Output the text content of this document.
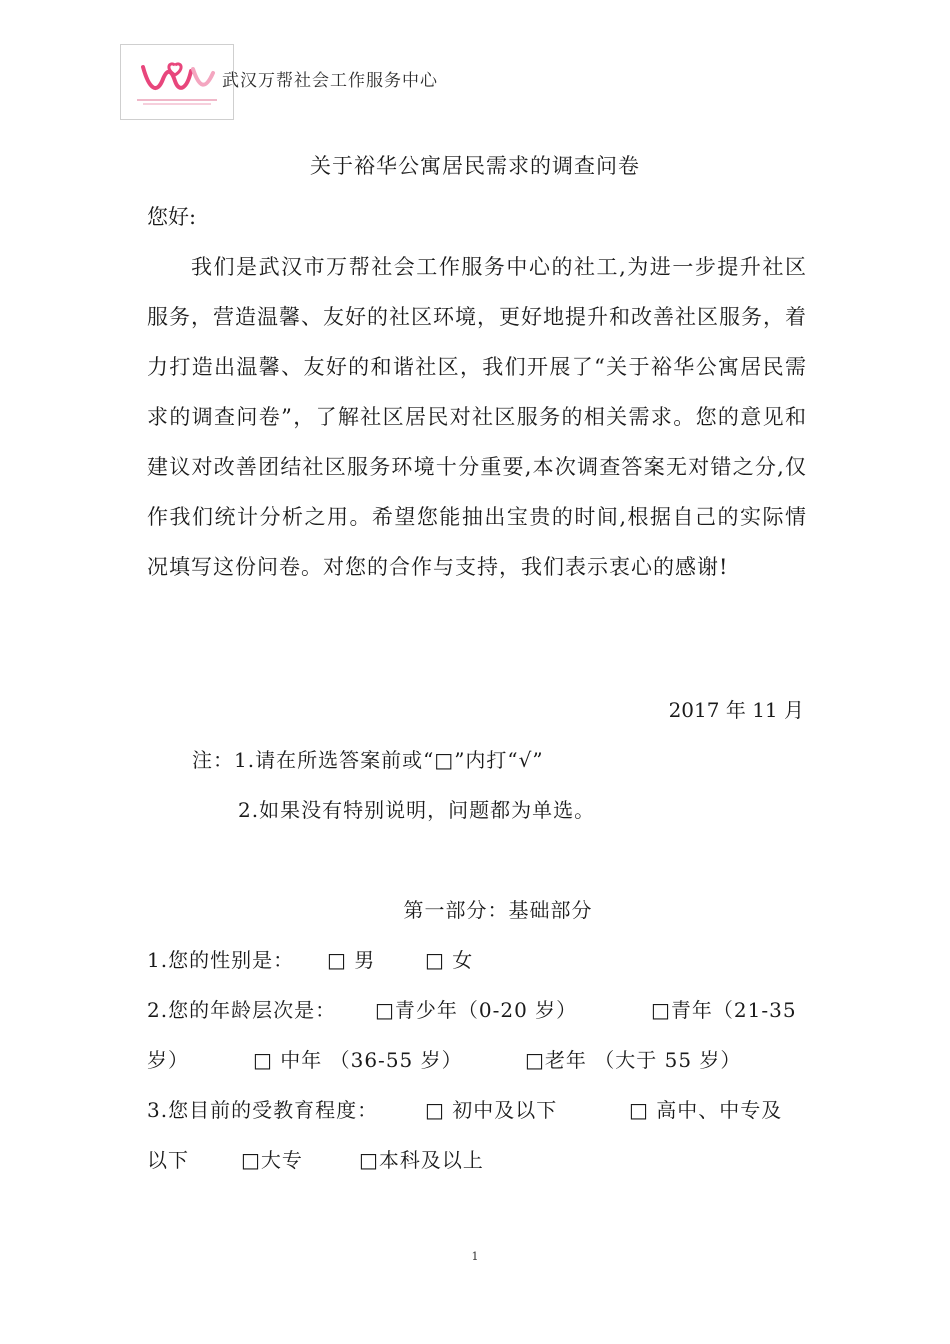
武汉万帮社会工作服务中心
关于裕华公寓居民需求的调查问卷
您好:
我们是武汉市万帮社会工作服务中心的社工,为进一步提升社区服务，营造温馨、友好的社区环境，更好地提升和改善社区服务，着力打造出温馨、友好的和谐社区，我们开展了“关于裕华公寓居民需求的调查问卷”，了解社区居民对社区服务的相关需求。您的意见和建议对改善团结社区服务环境十分重要,本次调查答案无对错之分,仅作我们统计分析之用。希望您能抽出宝贵的时间,根据自己的实际情况填写这份问卷。对您的合作与支持，我们表示衷心的感谢!
2017 年 11 月
注：1.请在所选答案前或“□”内打“√”
2.如果没有特别说明，问题都为单选。
第一部分：基础部分
1.您的性别是： □ 男 □ 女
2.您的年龄层次是： □青少年（0-20 岁）	□青年（21-35
岁）	□ 中年 （36-55 岁）	□老年 （大于 55 岁）
3.您目前的受教育程度： □ 初中及以下	□ 高中、中专及
以下	□大专	□本科及以上
1
